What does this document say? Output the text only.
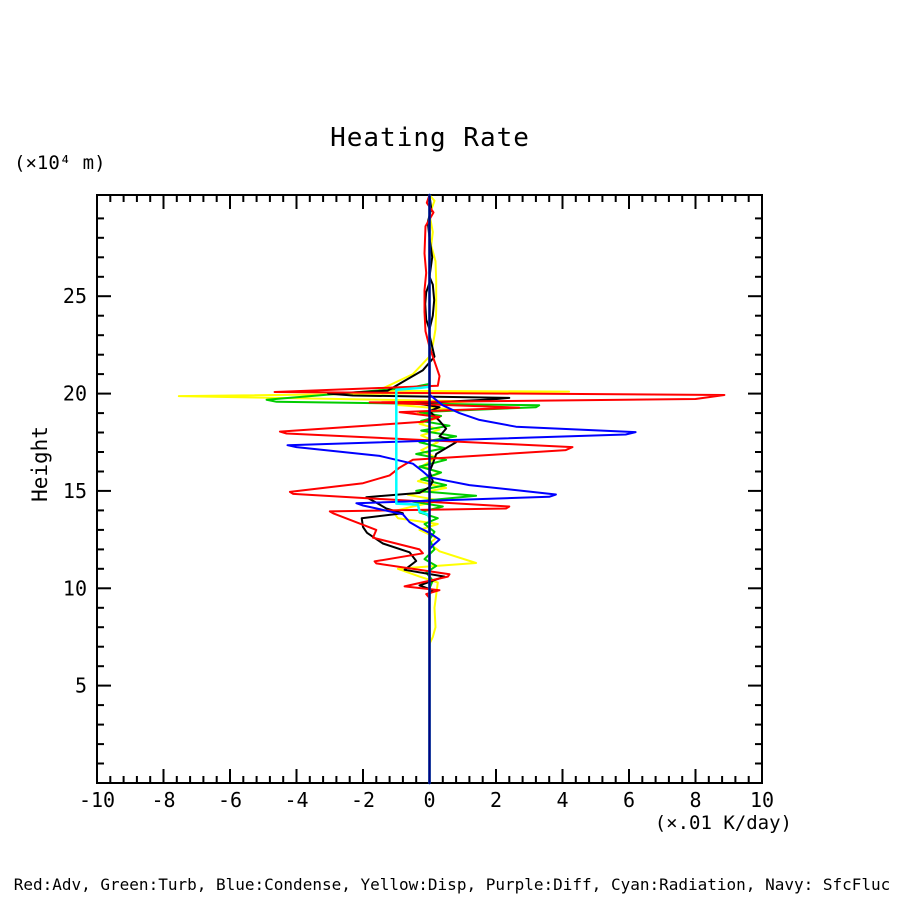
Heating Rate
(×10⁴ m)
Height
(×.01 K/day)
-10 -8 -6 -4 -2 0	2	4	6	8 10
5
10
15
20
25
Red:Adv, Green:Turb, Blue:Condense, Yellow:Disp, Purple:Diff, Cyan:Radiation, Navy: SfcFluc
